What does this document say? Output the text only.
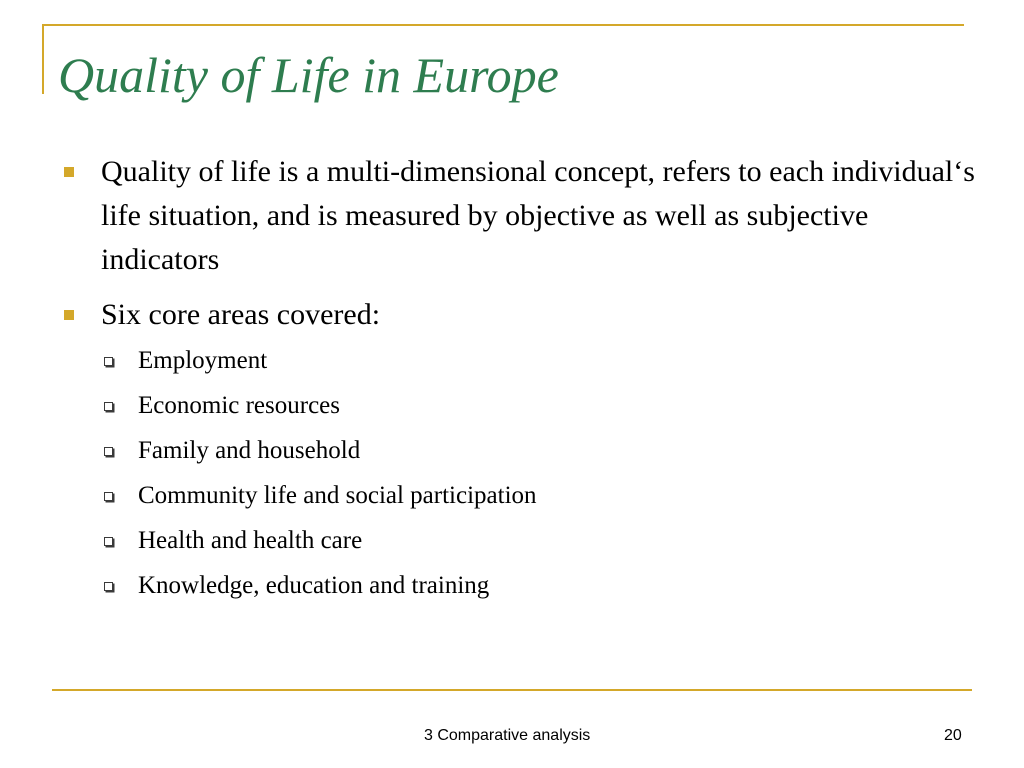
Quality of Life in Europe
Quality of life is a multi-dimensional concept, refers to each individual‘s life situation, and is measured by objective as well as subjective indicators
Six core areas covered:
Employment
Economic resources
Family and household
Community life and social participation
Health and health care
Knowledge, education and training
3 Comparative analysis	20
